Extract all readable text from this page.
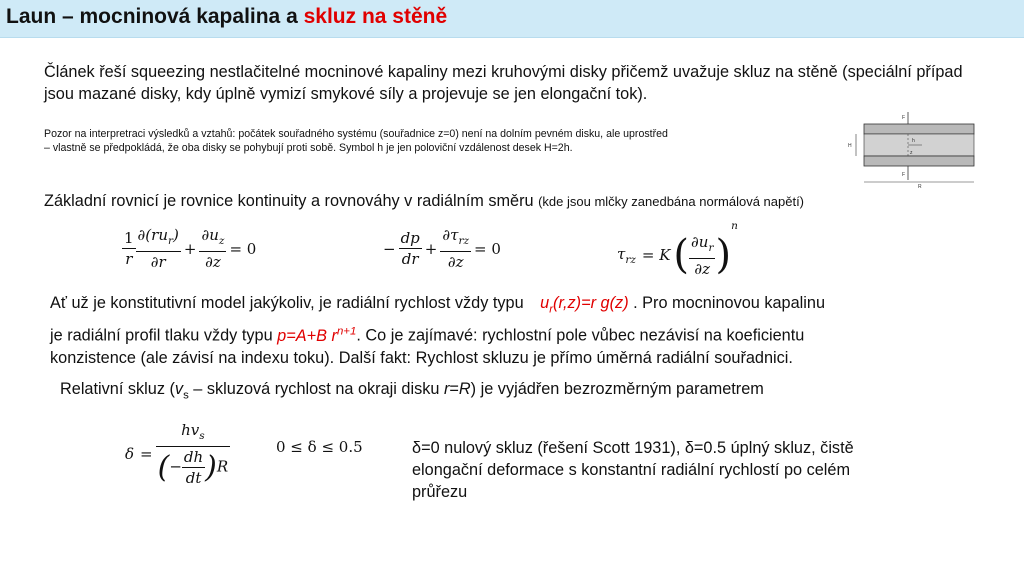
Laun – mocninová kapalina a skluz na stěně
Článek řeší squeezing nestlačitelné mocninové kapaliny mezi kruhovými disky přičemž uvažuje skluz na stěně (speciální případ jsou mazané disky, kdy úplně vymizí smykové síly a projevuje se jen elongační tok).
Pozor na interpretraci výsledků a vztahů: počátek souřadného systému (souřadnice z=0) není na dolním pevném disku, ale uprostřed
– vlastně se předpokládá, že oba disky se pohybují proti sobě. Symbol h je jen poloviční vzdálenost desek H=2h.
F
F
H
h
z
R
Základní rovnicí je rovnice kontinuity a rovnováhy v radiálním směru (kde jsou mlčky zanedbána normálová napětí)
$\frac{1}{r} \frac{\partial(ru_r)}{\partial r} + \frac{\partial u_z}{\partial z} = 0$	− $\frac{dp}{dr} + \frac{\partial\tau_{rz}}{\partial z} = 0$	$\tau_{rz} = K( \frac{\partial u_r}{\partial z} )^n$
Ať už je konstitutivní model jakýkoliv, je radiální rychlost vždy typu $u_r(r,z)=r$ g(z) . Pro mocninovou kapalinu
je radiální profil tlaku vždy typu p=A+B $r^{n+1}$. Co je zajímavé: rychlostní pole vůbec nezávisí na koeficientu
konzistence (ale závisí na indexu toku). Další fakt: Rychlost skluzu je přímo úměrná radiální souřadnici.
Relativní skluz ($v_s$ – skluzová rychlost na okraji disku r=R) je vyjádřen bezrozměrným parametrem
$\delta = \frac{hv_s}{(- \frac{dh}{dt} )R}$	0 ≤ δ ≤ 0.5	δ=0 nulový skluz (řešení Scott 1931), δ=0.5 úplný skluz, čistě
elongační deformace s konstantní radiální rychlostí po celém
průřezu
